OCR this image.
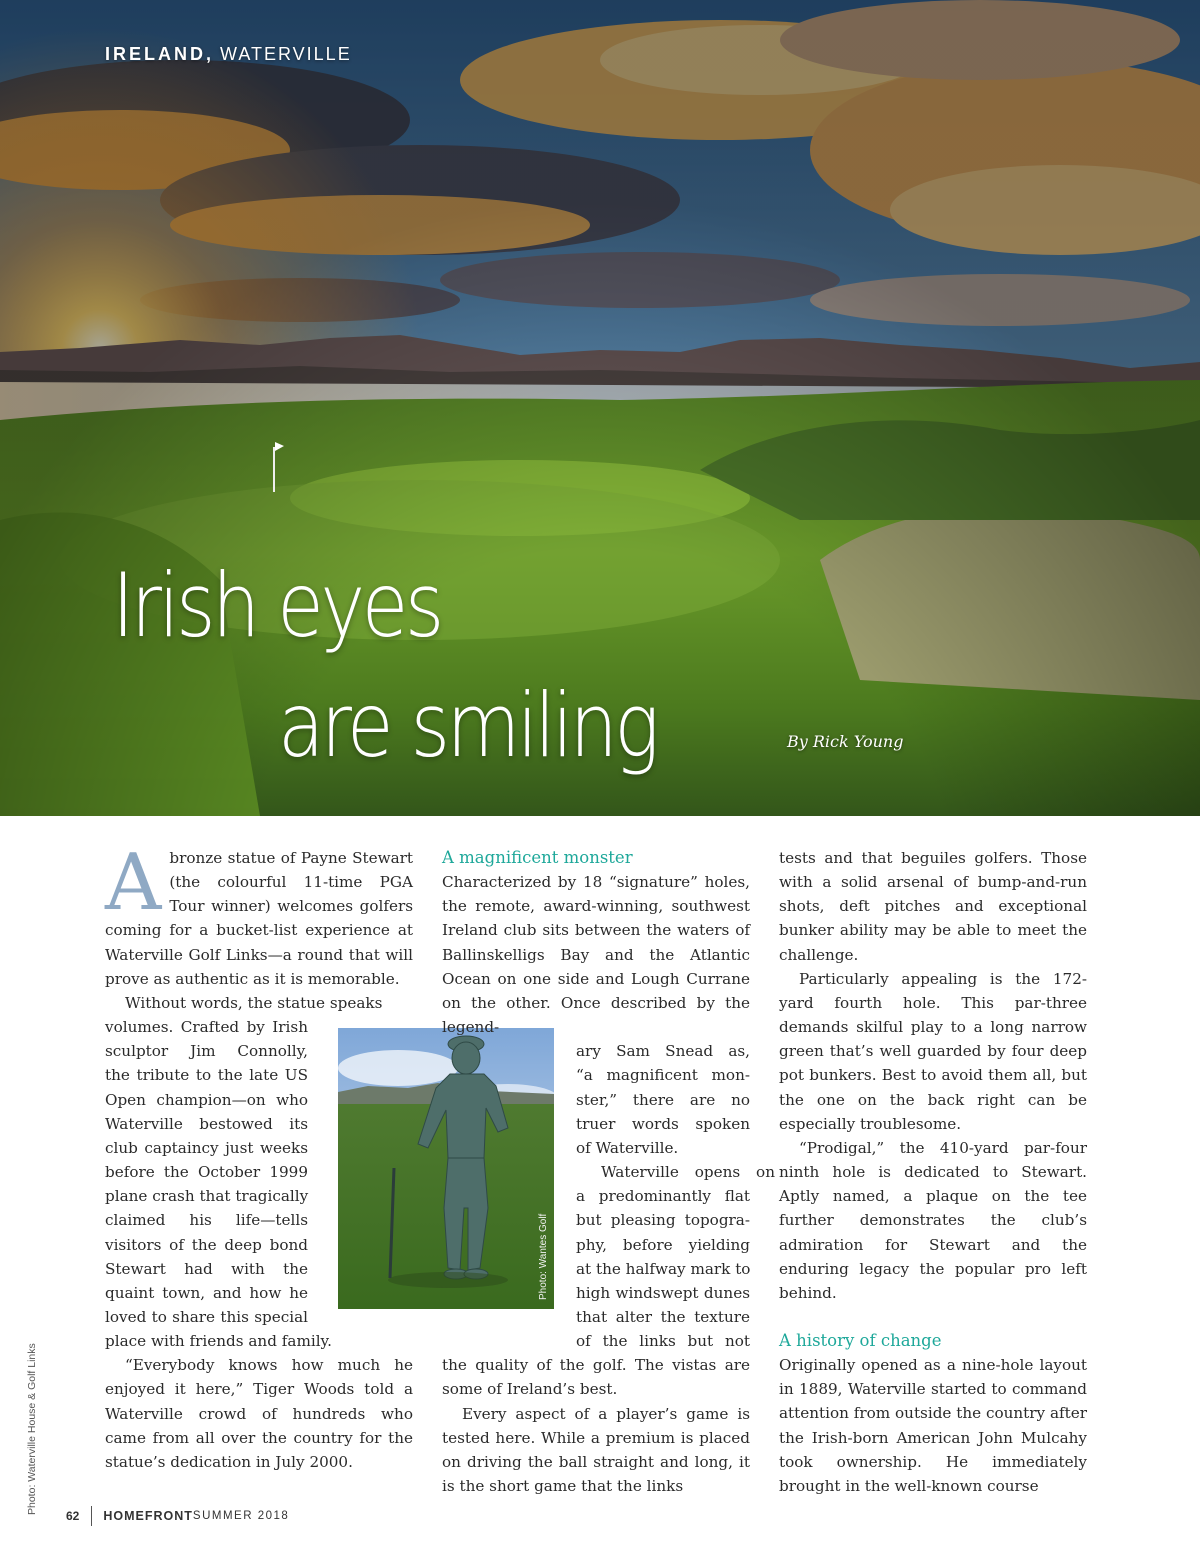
IRELAND, WATERVILLE
Irish eyes
are smiling	By Rick Young

Abronze statue of Payne Stewart (the colourful 11-time PGA Tour winner) welcomes golfers coming for a bucket-list experience at Waterville Golf Links—a round that will prove as authentic as it is memorable.

Without words, the statue speaks

volumes. Crafted by Irish
sculptor Jim Connolly,
the tribute to the late US
Open champion—on who
Waterville bestowed its
club captaincy just weeks
before the October 1999
plane crash that tragically
claimed his life—tells
visitors of the deep bond
Stewart had with the
quaint town, and how he
loved to share this special

place with friends and family.

“Everybody knows how much he enjoyed it here,” Tiger Woods told a Waterville crowd of hundreds who came from all over the country for the statue’s dedication in July 2000.

Photo: Wantes Golf

A magnificent monster

Characterized by 18 “signature” holes, the remote, award-winning, southwest Ireland club sits between the waters of Ballinskelligs Bay and the Atlantic Ocean on one side and Lough Currane on the other. Once described by the legend-

ary Sam Snead as,
“a magnificent mon-
ster,” there are no
truer words spoken
of Waterville.
Waterville opens on
a predominantly flat
but pleasing topogra-
phy, before yielding
at the halfway mark to
high windswept dunes
that alter the texture
of the links but not

the quality of the golf. The vistas are some of Ireland’s best.

Every aspect of a player’s game is tested here. While a premium is placed on driving the ball straight and long, it is the short game that the links

tests and that beguiles golfers. Those with a solid arsenal of bump-and-run shots, deft pitches and exceptional bunker ability may be able to meet the challenge.

Particularly appealing is the 172-yard fourth hole. This par-three demands skilful play to a long narrow green that’s well guarded by four deep pot bunkers. Best to avoid them all, but the one on the back right can be especially troublesome.

“Prodigal,” the 410-yard par-four ninth hole is dedicated to Stewart. Aptly named, a plaque on the tee further demonstrates the club’s admiration for Stewart and the enduring legacy the popular pro left behind.

A history of change

Originally opened as a nine-hole layout in 1889, Waterville started to command attention from outside the country after the Irish-born American John Mulcahy took ownership. He immediately brought in the well-known course

Photo: Waterville House & Golf Links
62 HOMEFRONT SUMMER 2018
